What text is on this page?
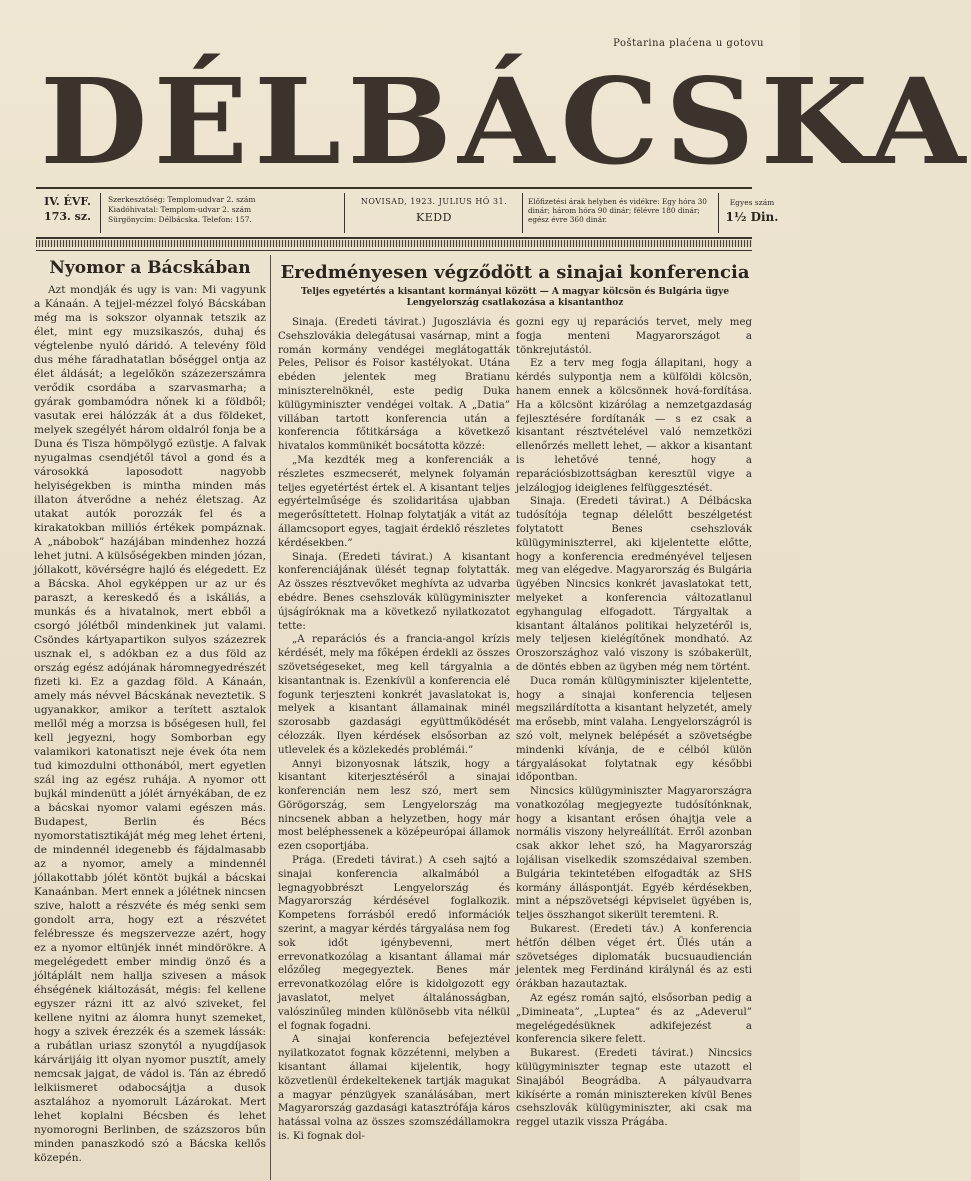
Poštarina plaćena u gotovu
DÉLBÁCSKA
IV. ÉVF.
173. sz.
Szerkesztőség: Templomudvar 2. szám
Kiadóhivatal: Templom-udvar 2. szám
Sürgönycím: Délbácska. Telefon: 157.
NOVISAD, 1923. JULIUS HÓ 31.
KEDD
Előfizetési árak helyben és vidékre: Egy hóra 30 dinár; három hóra 90 dinár; félévre 180 dinár; egész évre 360 dinár.
Egyes szám
1½ Din.
Nyomor a Bácskában
Azt mondják és ugy is van: Mi vagyunk a Kánaán. A tejjel-mézzel folyó Bácskában még ma is sokszor olyannak tetszik az élet, mint egy muzsikaszós, duhaj és végtelenbe nyuló dáridó. A televény föld dus méhe fáradhatatlan bőséggel ontja az élet áldását; a legelőkön százezerszámra verődik csordába a szarvasmarha; a gyárak gombamódra nőnek ki a földből; vasutak erei hálózzák át a dus földeket, melyek szegélyét három oldalról fonja be a Duna és Tisza hömpölygő ezüstje. A falvak nyugalmas csendjétől távol a gond és a városokká laposodott nagyobb helyiségekben is mintha minden más illaton átverődne a nehéz életszag. Az utakat autók porozzák fel és a kirakatokban milliós értékek pompáznak. A „nábobok” hazájában mindenhez hozzá lehet jutni. A külsőségekben minden józan, jóllakott, kövérségre hajló és elégedett. Ez a Bácska. Ahol egyképpen ur az ur és paraszt, a kereskedő és a iskáliás, a munkás és a hivatalnok, mert ebből a csorgó jólétből mindenkinek jut valami. Csöndes kártyapartikon sulyos százezrek usznak el, s adókban ez a dus föld az ország egész adójának háromnegyedrészét fizeti ki. Ez a gazdag föld. A Kánaán, amely más névvel Bácskának neveztetik. S ugyanakkor, amikor a terített asztalok mellől még a morzsa is bőségesen hull, fel kell jegyezni, hogy Somborban egy valamikori katonatiszt neje évek óta nem tud kimozdulni otthonából, mert egyetlen szál ing az egész ruhája. A nyomor ott bujkál mindenütt a jólét árnyékában, de ez a bácskai nyomor valami egészen más. Budapest, Berlin és Bécs nyomorstatisztikáját még meg lehet érteni, de mindennél idegenebb és fájdalmasabb az a nyomor, amely a mindennél jóllakottabb jólét köntöt bujkál a bácskai Kanaánban. Mert ennek a jólétnek nincsen szive, halott a részvéte és még senki sem gondolt arra, hogy ezt a részvétet felébressze és megszervezze azért, hogy ez a nyomor eltünjék innét mindörökre. A megelégedett ember mindig önző és a jóltáplált nem hallja szivesen a mások éhségének kiáltozását, mégis: fel kellene egyszer rázni itt az alvó sziveket, fel kellene nyitni az álomra hunyt szemeket, hogy a szivek érezzék és a szemek lássák: a rubátlan uriasz szonytól a nyugdíjasok kárvárijáig itt olyan nyomor pusztít, amely nemcsak jajgat, de vádol is. Tán az ébredő lelkiismeret odabocsájtja a dusok asztalához a nyomorult Lázárokat. Mert lehet koplalni Bécsben és lehet nyomorogni Berlinben, de százszoros bűn minden panaszkodó szó a Bácska kellős közepén.
Eredményesen végződött a sinajai konferencia
Teljes egyetértés a kisantant kormányai között — A magyar kölcsön és Bulgária ügye Lengyelország csatlakozása a kisantanthoz

Sinaja. (Eredeti távirat.) Jugoszlávia és Csehszlovákia delegátusai vasárnap, mint a román kormány vendégei meglátogatták Peles, Pelisor és Foisor kastélyokat. Utána ebéden jelentek meg Bratianu miniszterelnöknél, este pedig Duka külügyminiszter vendégei voltak. A „Datia” villában tartott konferencia után a konferencia főtitkársága a következő hivatalos kommünikét bocsátotta közzé:

„Ma kezdték meg a konferenciák a részletes eszmecserét, melynek folyamán teljes egyetértést értek el. A kisantant teljes egyértelműsége és szolidaritása ujabban megerősíttetett. Holnap folytatják a vitát az államcsoport egyes, tagjait érdeklő részletes kérdésekben.”

Sinaja. (Eredeti távirat.) A kisantant konferenciájának ülését tegnap folytatták. Az összes résztvevőket meghívta az udvarba ebédre. Benes csehszlovák külügyminiszter újságíróknak ma a következő nyilatkozatot tette:

„A reparációs és a francia-angol krízis kérdését, mely ma főképen érdekli az összes szövetségeseket, meg kell tárgyalnia a kisantantnak is. Ezenkívül a konferencia elé fogunk terjeszteni konkrét javaslatokat is, melyek a kisantant államainak minél szorosabb gazdasági együttműködését célozzák. Ilyen kérdések elsősorban az utlevelek és a közlekedés problémái.”

Annyi bizonyosnak látszik, hogy a kisantant kiterjesztéséről a sinajai konferencián nem lesz szó, mert sem Görögország, sem Lengyelország ma nincsenek abban a helyzetben, hogy már most beléphessenek a középeurópai államok ezen csoportjába.

Prága. (Eredeti távirat.) A cseh sajtó a sinajai konferencia alkalmából a legnagyobbrészt Lengyelország és Magyarország kérdésével foglalkozik. Kompetens forrásból eredő információk szerint, a magyar kérdés tárgyalása nem fog sok időt igénybevenni, mert errevonatkozólag a kisantant államai már előzőleg megegyeztek. Benes már errevonatkozólag előre is kidolgozott egy javaslatot, melyet általánosságban, valószinűleg minden különösebb vita nélkül el fognak fogadni.

A sinajai konferencia befejeztével nyilatkozatot fognak közzétenni, melyben a kisantant államai kijelentik, hogy közvetlenül érdekeltekenek tartják magukat a magyar pénzügyek szanálásában, mert Magyarország gazdasági katasztrófája káros hatással volna az összes szomszédállamokra is. Ki fognak dol-

gozni egy uj reparációs tervet, mely meg fogja menteni Magyarországot a tönkrejutástól.

Ez a terv meg fogja állapitani, hogy a kérdés sulypontja nem a külföldi kölcsön, hanem ennek a kölcsönnek hová-fordítása. Ha a kölcsönt kizárólag a nemzetgazdaság fejlesztésére fordítanák — s ez csak a kisantant résztvételével való nemzetközi ellenőrzés mellett lehet, — akkor a kisantant is lehetővé tenné, hogy a reparációsbizottságban keresztül vigye a jelzálogjog ideiglenes felfüggesztését.

Sinaja. (Eredeti távirat.) A Délbácska tudósítója tegnap délelőtt beszélgetést folytatott Benes csehszlovák külügyminiszterrel, aki kijelentette előtte, hogy a konferencia eredményével teljesen meg van elégedve. Magyarország és Bulgária ügyében Nincsics konkrét javaslatokat tett, melyeket a konferencia változatlanul egyhangulag elfogadott. Tárgyaltak a kisantant általános politikai helyzetéről is, mely teljesen kielégítőnek mondható. Az Oroszországhoz való viszony is szóbakerült, de döntés ebben az ügyben még nem történt.

Duca román külügyminiszter kijelentette, hogy a sinajai konferencia teljesen megszilárdította a kisantant helyzetét, amely ma erősebb, mint valaha. Lengyelországról is szó volt, melynek belépését a szövetségbe mindenki kívánja, de e célból külön tárgyalásokat folytatnak egy későbbi időpontban.

Nincsics külügyminiszter Magyarországra vonatkozólag megjegyezte tudósítónknak, hogy a kisantant erősen óhajtja vele a normális viszony helyreállítát. Erről azonban csak akkor lehet szó, ha Magyarország lojálisan viselkedik szomszédaival szemben. Bulgária tekintetében elfogadták az SHS kormány álláspontját. Egyéb kérdésekben, mint a népszövetségi képviselet ügyében is, teljes összhangot sikerült teremteni. R.

Bukarest. (Eredeti táv.) A konferencia hétfőn délben véget ért. Ülés után a szövetséges diplomaták bucsuaudiencián jelentek meg Ferdinánd királynál és az esti órákban hazautaztak.

Az egész román sajtó, elsősorban pedig a „Dimineata”, „Luptea” és az „Adeverul” megelégedésüknek adkifejezést a konferencia sikere felett.

Bukarest. (Eredeti távirat.) Nincsics külügyminiszter tegnap este utazott el Sinajából Beográdba. A pályaudvarra kikísérte a román minisztereken kívül Benes csehszlovák külügyminiszter, aki csak ma reggel utazik vissza Prágába.
